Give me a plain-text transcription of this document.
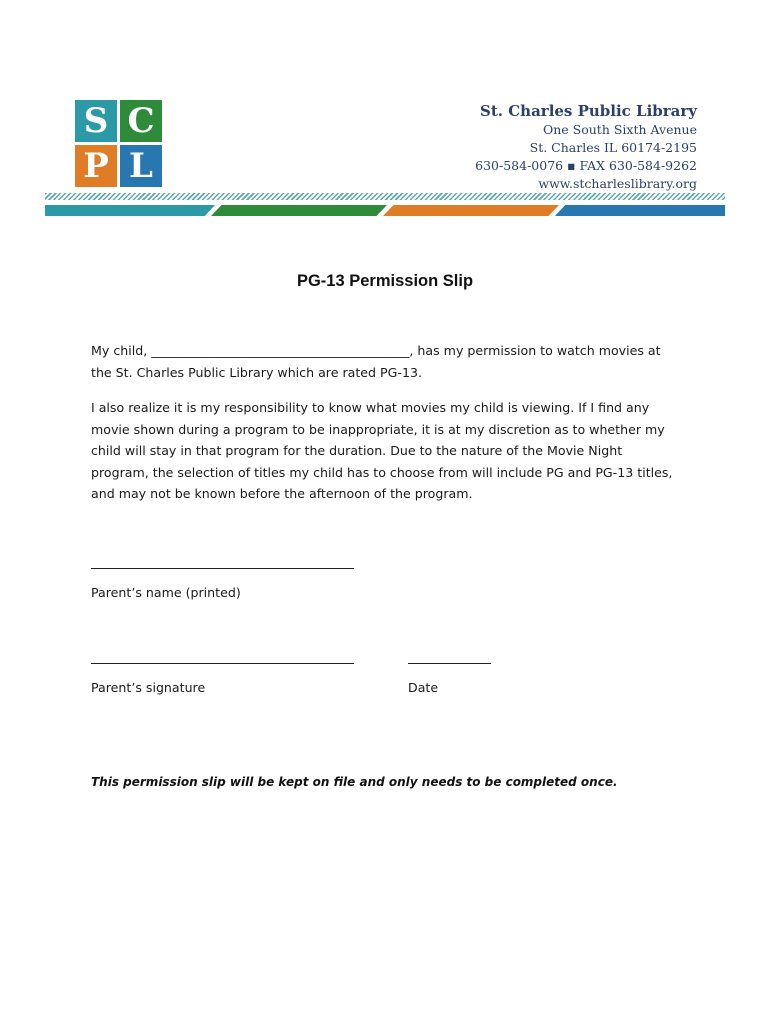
S C
P L
St. Charles Public Library
One South Sixth Avenue
St. Charles IL 60174-2195
630-584-0076 ▪ FAX 630-584-9262
www.stcharleslibrary.org
PG-13 Permission Slip
My child, _________________________________________, has my permission to watch movies at the St. Charles Public Library which are rated PG-13.
I also realize it is my responsibility to know what movies my child is viewing. If I find any movie shown during a program to be inappropriate, it is at my discretion as to whether my child will stay in that program for the duration. Due to the nature of the Movie Night program, the selection of titles my child has to choose from will include PG and PG-13 titles, and may not be known before the afternoon of the program.
Parent’s name (printed)
Parent’s signature	Date
This permission slip will be kept on file and only needs to be completed once.
